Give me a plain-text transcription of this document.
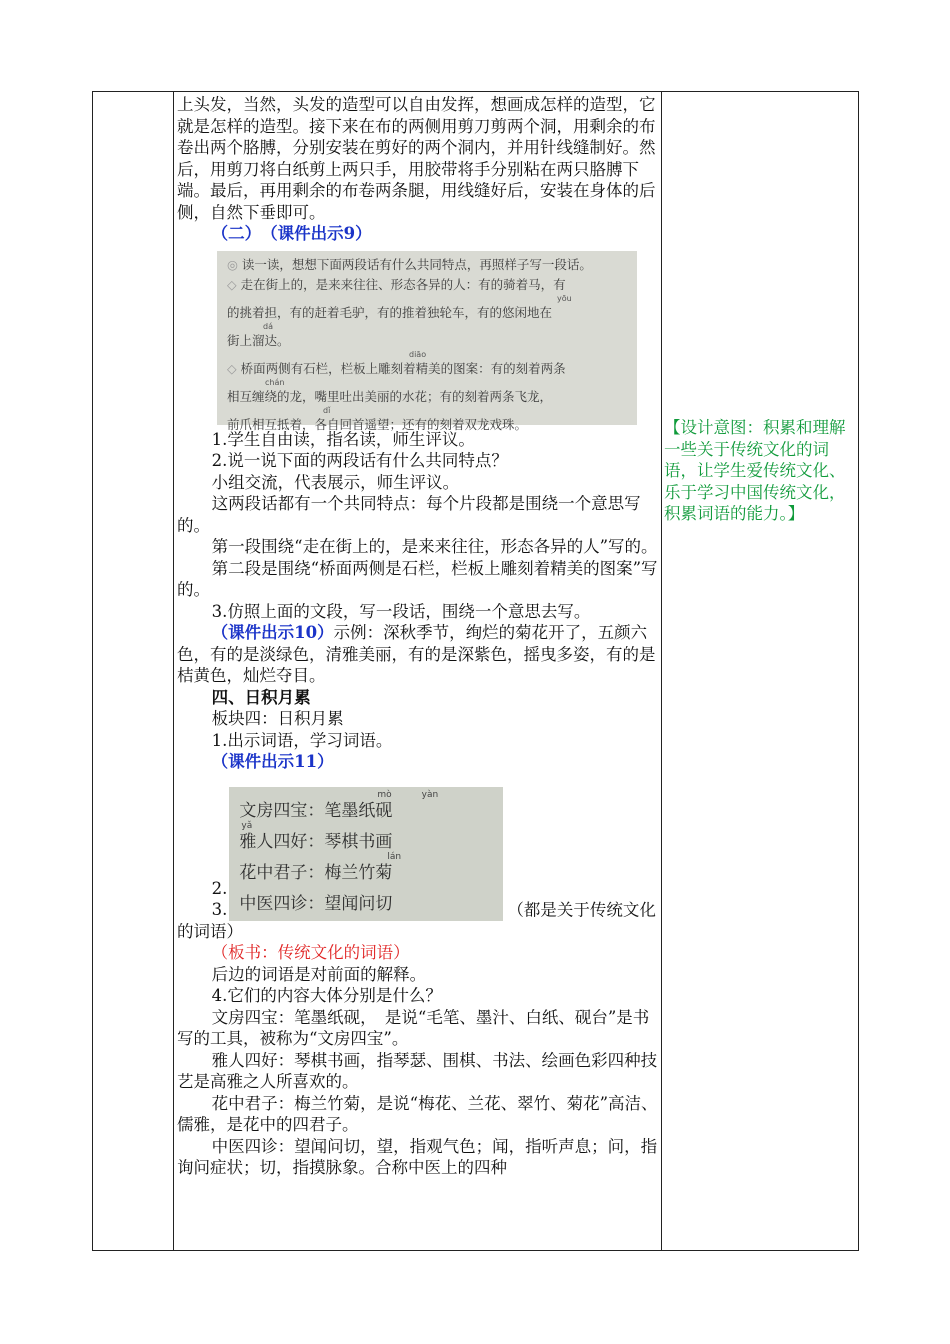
上头发，当然，头发的造型可以自由发挥，想画成怎样的造型，它就是怎样的造型。接下来在布的两侧用剪刀剪两个洞，用剩余的布卷出两个胳膊，分别安装在剪好的两个洞内，并用针线缝制好。然后，用剪刀将白纸剪上两只手，用胶带将手分别粘在两只胳膊下端。最后，再用剩余的布卷两条腿，用线缝好后，安装在身体的后侧，自然下垂即可。

（二）　（课件出示9）

◎ 读一读，想想下面两段话有什么共同特点，再照样子写一段话。
◇ 走在街上的，是来来往往、形态各异的人：有的骑着马，有
yōu
的挑着担，有的赶着毛驴，有的推着独轮车，有的悠闲地在
dá
街上溜达。
diāo
◇ 桥面两侧有石栏，栏板上雕刻着精美的图案：有的刻着两条
chán
相互缠绕的龙，嘴里吐出美丽的水花；有的刻着两条飞龙，
dǐ
前爪相互抵着，各自回首遥望；还有的刻着双龙戏珠。

1.学生自由读，指名读，师生评议。

2.说一说下面的两段话有什么共同特点？

小组交流，代表展示，师生评议。

这两段话都有一个共同特点：每个片段都是围绕一个意思写的。

第一段围绕“走在街上的，是来来往往，形态各异的人”写的。

第二段是围绕“桥面两侧是石栏，栏板上雕刻着精美的图案”写的。

3.仿照上面的文段，写一段话，围绕一个意思去写。

（课件出示10）示例：深秋季节，绚烂的菊花开了，五颜六色，有的是淡绿色，清雅美丽，有的是深紫色，摇曳多姿，有的是桔黄色，灿烂夺目。

四、日积月累

板块四：日积月累

1.出示词语，学习词语。

（课件出示11）

2.
3.
mò	yàn
文房四宝：笔墨纸砚
yǎ
雅人四好：琴棋书画
lán
花中君子：梅兰竹菊
中医四诊：望闻问切	（都是关于传统文化的词语）

（板书：传统文化的词语）

后边的词语是对前面的解释。

4.它们的内容大体分别是什么？

文房四宝：笔墨纸砚，　是说“毛笔、墨汁、白纸、砚台”是书写的工具，被称为“文房四宝”。

雅人四好：琴棋书画，指琴瑟、围棋、书法、绘画色彩四种技艺是高雅之人所喜欢的。

花中君子：梅兰竹菊，是说“梅花、兰花、翠竹、菊花”高洁、儒雅，是花中的四君子。

中医四诊：望闻问切，望，指观气色；闻，指听声息；问，指询问症状；切，指摸脉象。合称中医上的四种

【设计意图：积累和理解一些关于传统文化的词语，让学生爱传统文化、乐于学习中国传统文化，积累词语的能力。】
